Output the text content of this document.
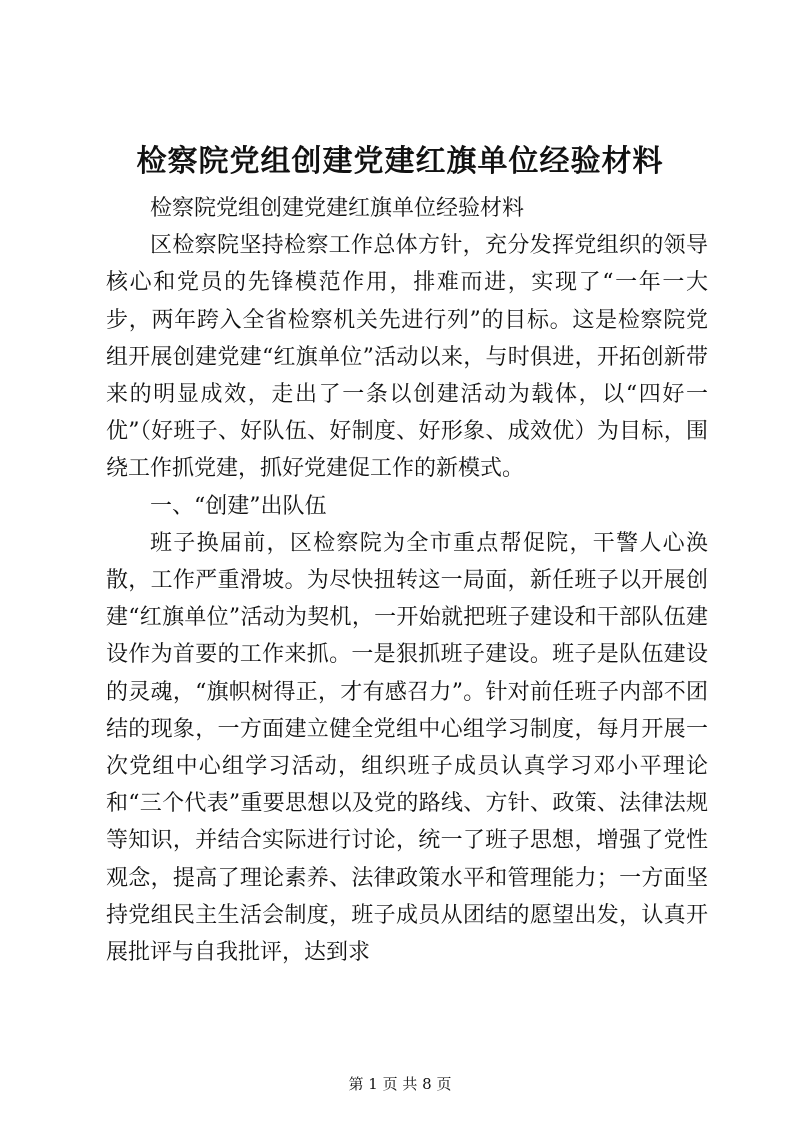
检察院党组创建党建红旗单位经验材料

检察院党组创建党建红旗单位经验材料

区检察院坚持检察工作总体方针，充分发挥党组织的领导核心和党员的先锋模范作用，排难而进，实现了“一年一大步，两年跨入全省检察机关先进行列”的目标。这是检察院党组开展创建党建“红旗单位”活动以来，与时俱进，开拓创新带来的明显成效，走出了一条以创建活动为载体，以“四好一优”（好班子、好队伍、好制度、好形象、成效优）为目标，围绕工作抓党建，抓好党建促工作的新模式。

一、“创建”出队伍

班子换届前，区检察院为全市重点帮促院，干警人心涣散，工作严重滑坡。为尽快扭转这一局面，新任班子以开展创建“红旗单位”活动为契机，一开始就把班子建设和干部队伍建设作为首要的工作来抓。一是狠抓班子建设。班子是队伍建设的灵魂，“旗帜树得正，才有感召力”。针对前任班子内部不团结的现象，一方面建立健全党组中心组学习制度，每月开展一次党组中心组学习活动，组织班子成员认真学习邓小平理论和“三个代表”重要思想以及党的路线、方针、政策、法律法规等知识，并结合实际进行讨论，统一了班子思想，增强了党性观念，提高了理论素养、法律政策水平和管理能力；一方面坚持党组民主生活会制度，班子成员从团结的愿望出发，认真开展批评与自我批评，达到求

第 1 页 共 8 页
